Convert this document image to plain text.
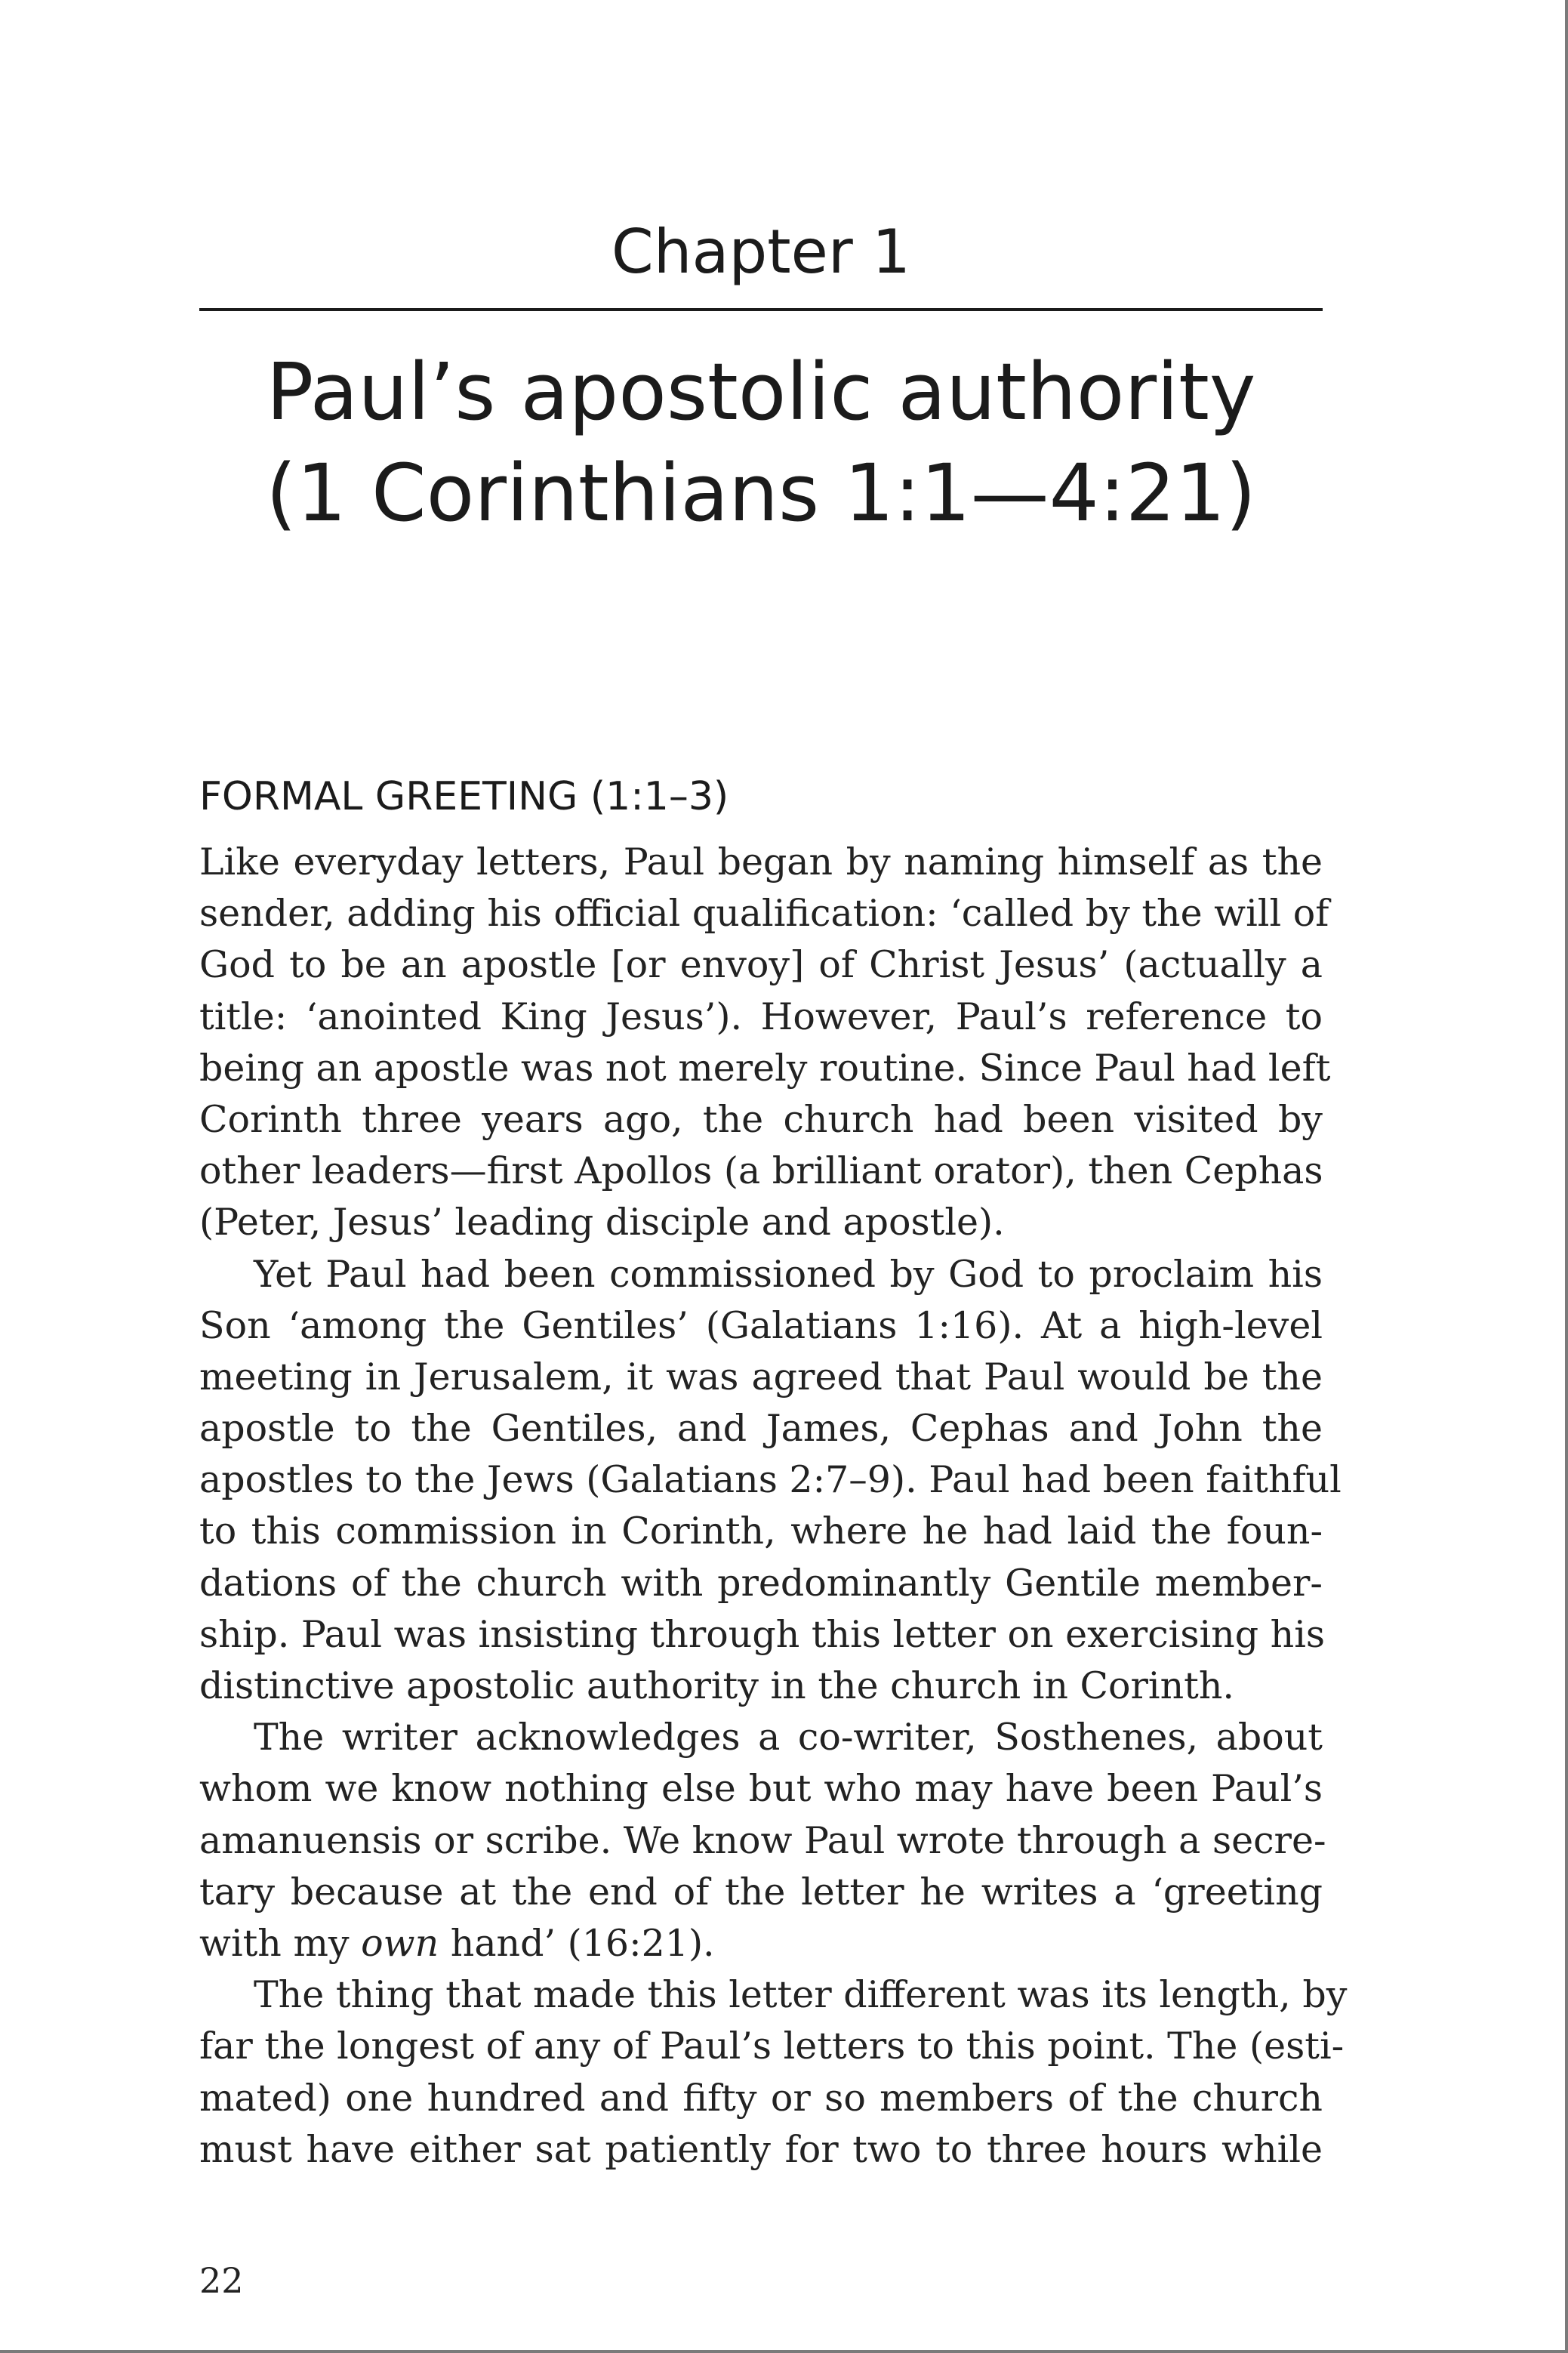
Chapter 1
Paul’s apostolic authority
(1 Corinthians 1:1—4:21)
FORMAL GREETING (1:1–3)
Like everyday letters, Paul began by naming himself as the
sender, adding his official qualification: ‘called by the will of
God to be an apostle [or envoy] of Christ Jesus’ (actually a
title: ‘anointed King Jesus’). However, Paul’s reference to
being an apostle was not merely routine. Since Paul had left
Corinth three years ago, the church had been visited by
other leaders—first Apollos (a brilliant orator), then Cephas
(Peter, Jesus’ leading disciple and apostle).
Yet Paul had been commissioned by God to proclaim his
Son ‘among the Gentiles’ (Galatians 1:16). At a high-level
meeting in Jerusalem, it was agreed that Paul would be the
apostle to the Gentiles, and James, Cephas and John the
apostles to the Jews (Galatians 2:7–9). Paul had been faithful
to this commission in Corinth, where he had laid the foun-
dations of the church with predominantly Gentile member-
ship. Paul was insisting through this letter on exercising his
distinctive apostolic authority in the church in Corinth.
The writer acknowledges a co-writer, Sosthenes, about
whom we know nothing else but who may have been Paul’s
amanuensis or scribe. We know Paul wrote through a secre-
tary because at the end of the letter he writes a ‘greeting
with my own hand’ (16:21).
The thing that made this letter different was its length, by
far the longest of any of Paul’s letters to this point. The (esti-
mated) one hundred and fifty or so members of the church
must have either sat patiently for two to three hours while
22
